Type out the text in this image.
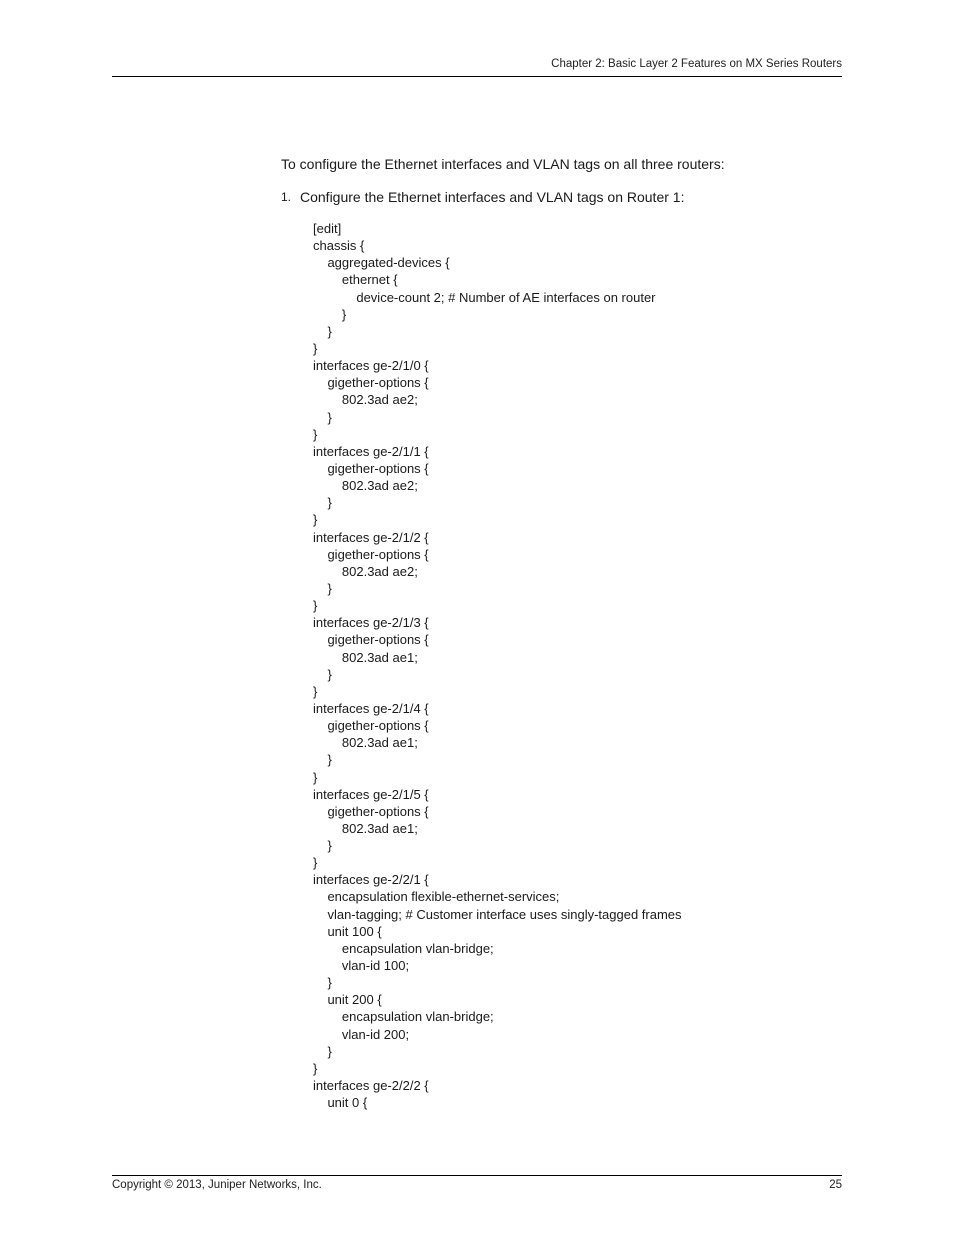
Chapter 2: Basic Layer 2 Features on MX Series Routers

To configure the Ethernet interfaces and VLAN tags on all three routers:

1. Configure the Ethernet interfaces and VLAN tags on Router 1:

[edit]
chassis {
aggregated-devices {
ethernet {
device-count 2; # Number of AE interfaces on router
}
}
}
interfaces ge-2/1/0 {
gigether-options {
802.3ad ae2;
}
}
interfaces ge-2/1/1 {
gigether-options {
802.3ad ae2;
}
}
interfaces ge-2/1/2 {
gigether-options {
802.3ad ae2;
}
}
interfaces ge-2/1/3 {
gigether-options {
802.3ad ae1;
}
}
interfaces ge-2/1/4 {
gigether-options {
802.3ad ae1;
}
}
interfaces ge-2/1/5 {
gigether-options {
802.3ad ae1;
}
}
interfaces ge-2/2/1 {
encapsulation flexible-ethernet-services;
vlan-tagging; # Customer interface uses singly-tagged frames
unit 100 {
encapsulation vlan-bridge;
vlan-id 100;
}
unit 200 {
encapsulation vlan-bridge;
vlan-id 200;
}
}
interfaces ge-2/2/2 {
unit 0 {
Copyright © 2013, Juniper Networks, Inc.	25
